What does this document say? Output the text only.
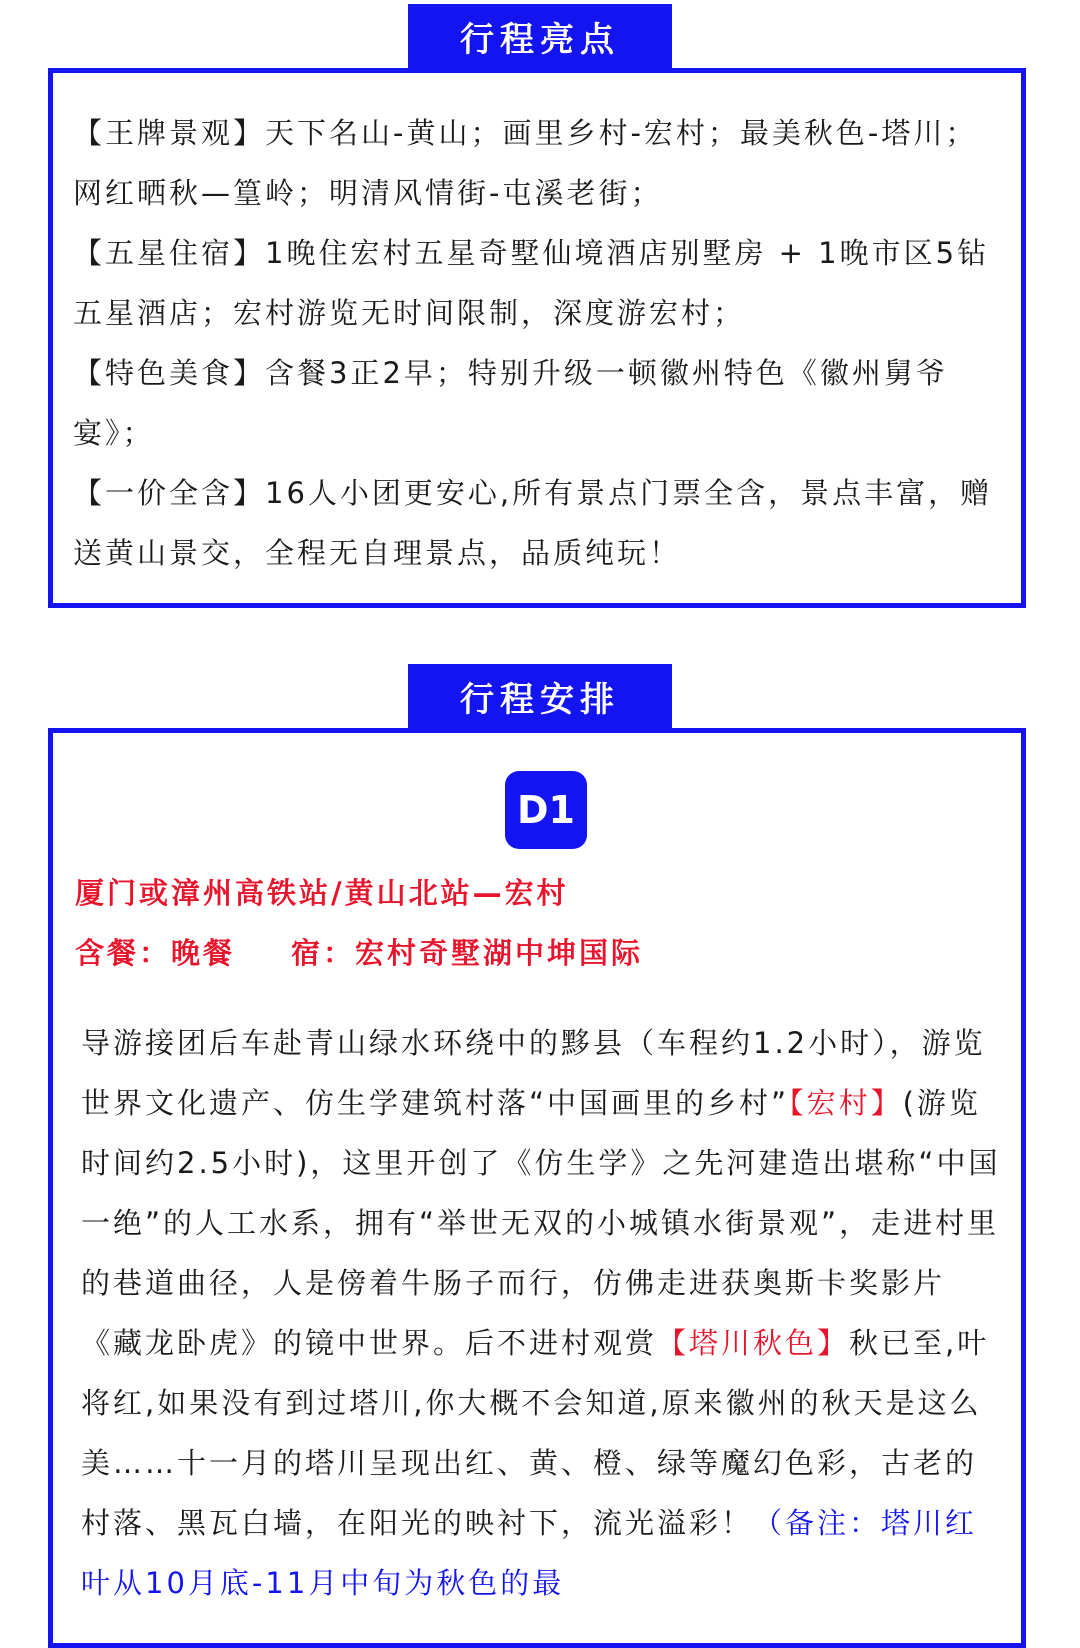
行程亮点

【王牌景观】天下名山-黄山；画里乡村-宏村；最美秋色-塔川；网红晒秋—篁岭；明清风情街-屯溪老街；

【五星住宿】1晚住宏村五星奇墅仙境酒店别墅房 + 1晚市区5钻五星酒店；宏村游览无时间限制，深度游宏村；

【特色美食】含餐3正2早；特别升级一顿徽州特色《徽州舅爷宴》；

【一价全含】16人小团更安心,所有景点门票全含，景点丰富，赠送黄山景交，全程无自理景点，品质纯玩！

行程安排
D1
厦门或漳州高铁站/黄山北站—宏村
含餐：晚餐 宿：宏村奇墅湖中坤国际

导游接团后车赴青山绿水环绕中的黟县（车程约1.2小时），游览世界文化遗产、仿生学建筑村落“中国画里的乡村”【宏村】(游览时间约2.5小时)，这里开创了《仿生学》之先河建造出堪称“中国一绝”的人工水系，拥有“举世无双的小城镇水街景观”，走进村里的巷道曲径，人是傍着牛肠子而行，仿佛走进获奥斯卡奖影片《藏龙卧虎》的镜中世界。后不进村观赏【塔川秋色】秋已至,叶将红,如果没有到过塔川,你大概不会知道,原来徽州的秋天是这么美……十一月的塔川呈现出红、黄、橙、绿等魔幻色彩，古老的村落、黑瓦白墙，在阳光的映衬下，流光溢彩！（备注：塔川红叶从10月底-11月中旬为秋色的最
